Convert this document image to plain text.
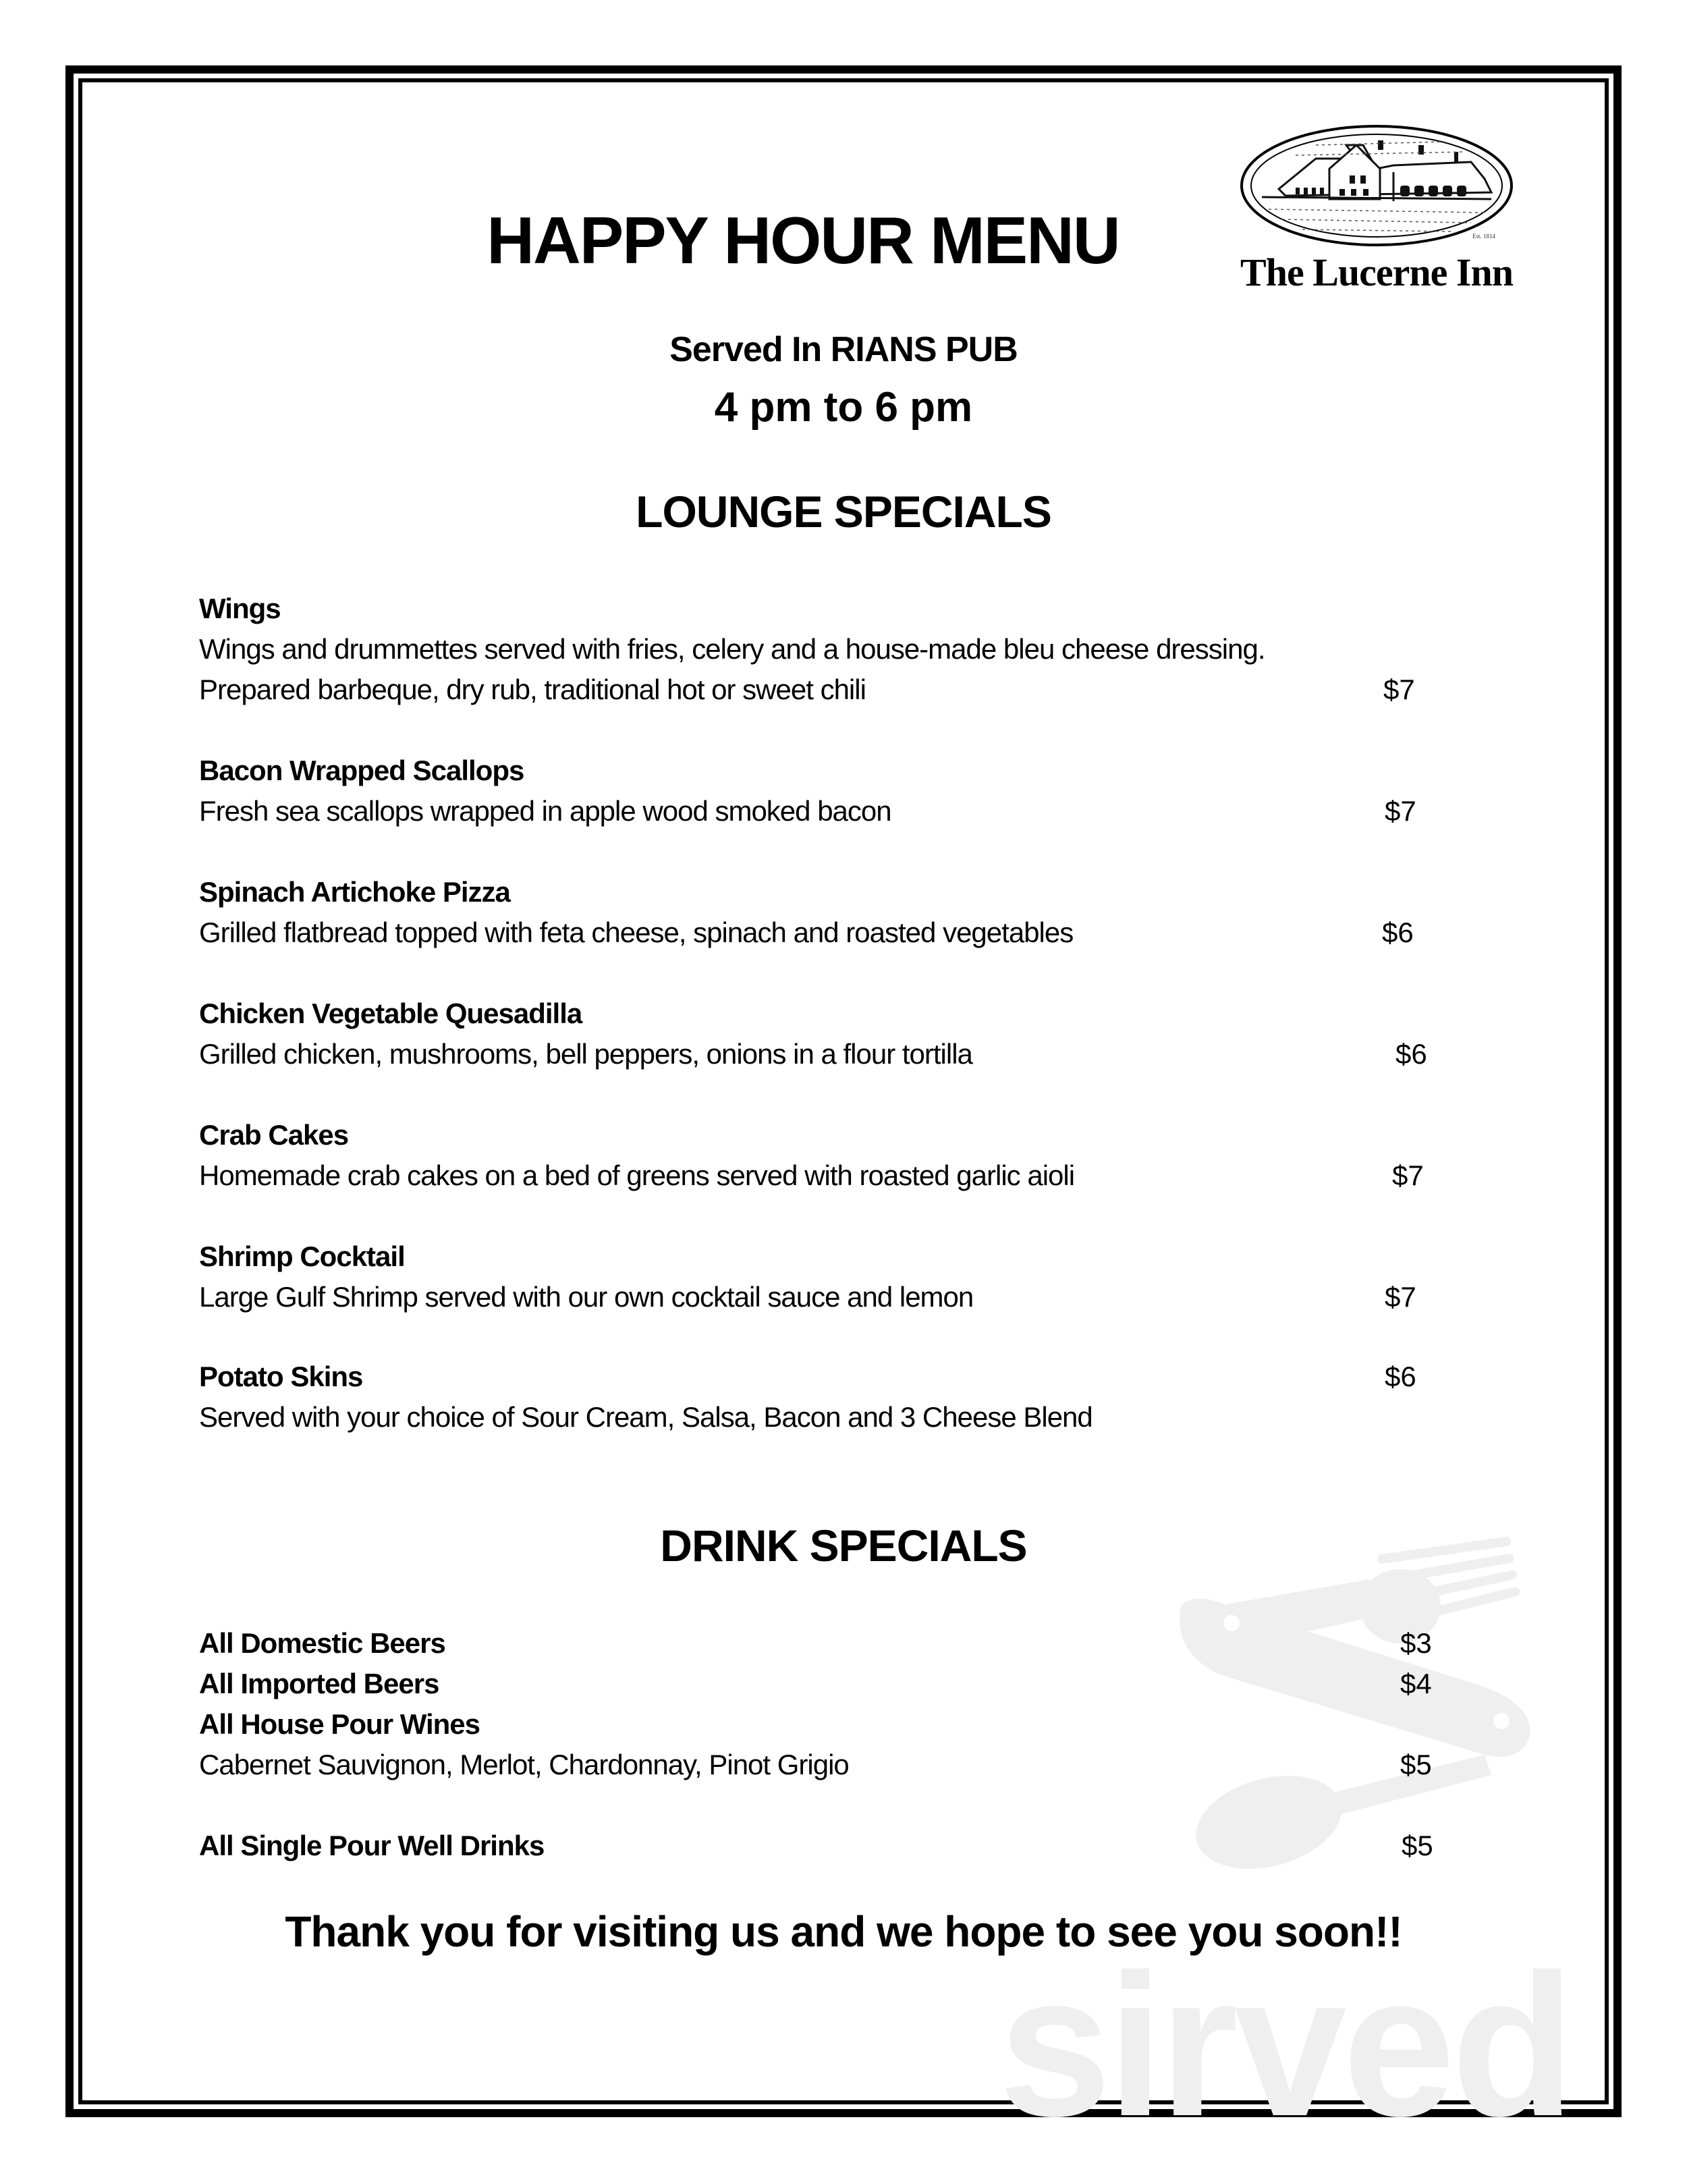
sirved
HAPPY HOUR MENU	Est. 1814
The Lucerne Inn
Served In RIANS PUB
4 pm to 6 pm
LOUNGE SPECIALS
Wings
Wings and drummettes served with fries, celery and a house-made bleu cheese dressing.
Prepared barbeque, dry rub, traditional hot or sweet chili	$7
Bacon Wrapped Scallops
Fresh sea scallops wrapped in apple wood smoked bacon	$7
Spinach Artichoke Pizza
Grilled flatbread topped with feta cheese, spinach and roasted vegetables	$6
Chicken Vegetable Quesadilla
Grilled chicken, mushrooms, bell peppers, onions in a flour tortilla	$6
Crab Cakes
Homemade crab cakes on a bed of greens served with roasted garlic aioli	$7
Shrimp Cocktail
Large Gulf Shrimp served with our own cocktail sauce and lemon	$7
Potato Skins
Served with your choice of Sour Cream, Salsa, Bacon and 3 Cheese Blend
$6
DRINK SPECIALS
All Domestic Beers	$3
All Imported Beers	$4
All House Pour Wines
Cabernet Sauvignon, Merlot, Chardonnay, Pinot Grigio	$5
All Single Pour Well Drinks	$5
Thank you for visiting us and we hope to see you soon!!
